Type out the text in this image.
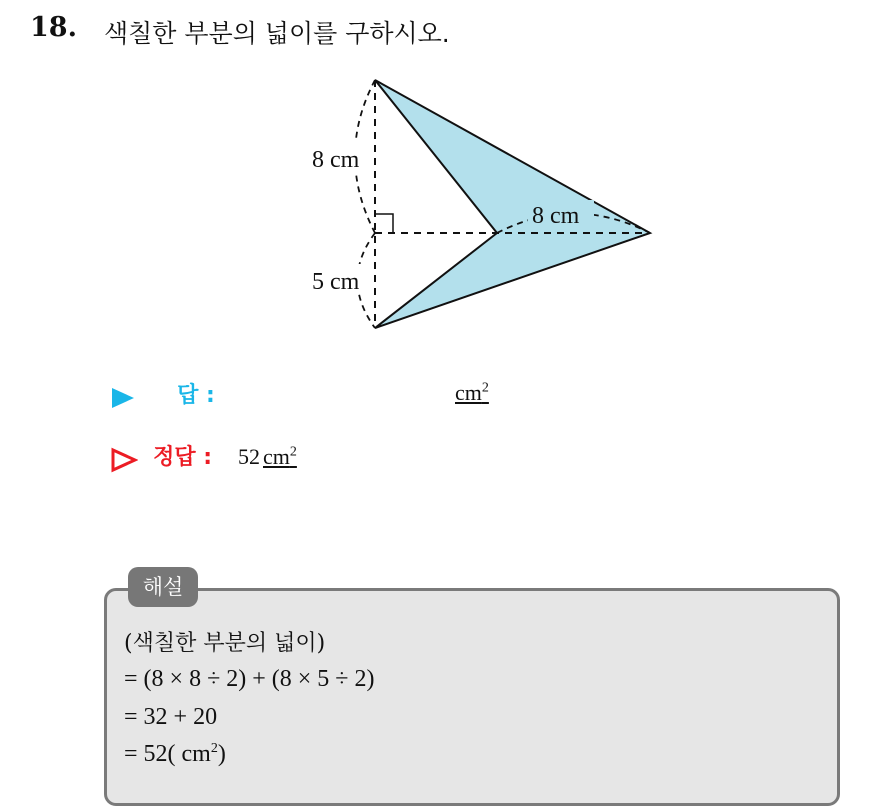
18. 색칠한 부분의 넓이를 구하시오.
8 cm
5 cm
8 cm
답 :	$cm^2$
정답 : 52 $cm^2$
해설
(색칠한 부분의 넓이)
= (8 × 8 ÷ 2) + (8 × 5 ÷ 2)
= 32 + 20
= 52( $cm^2$)
